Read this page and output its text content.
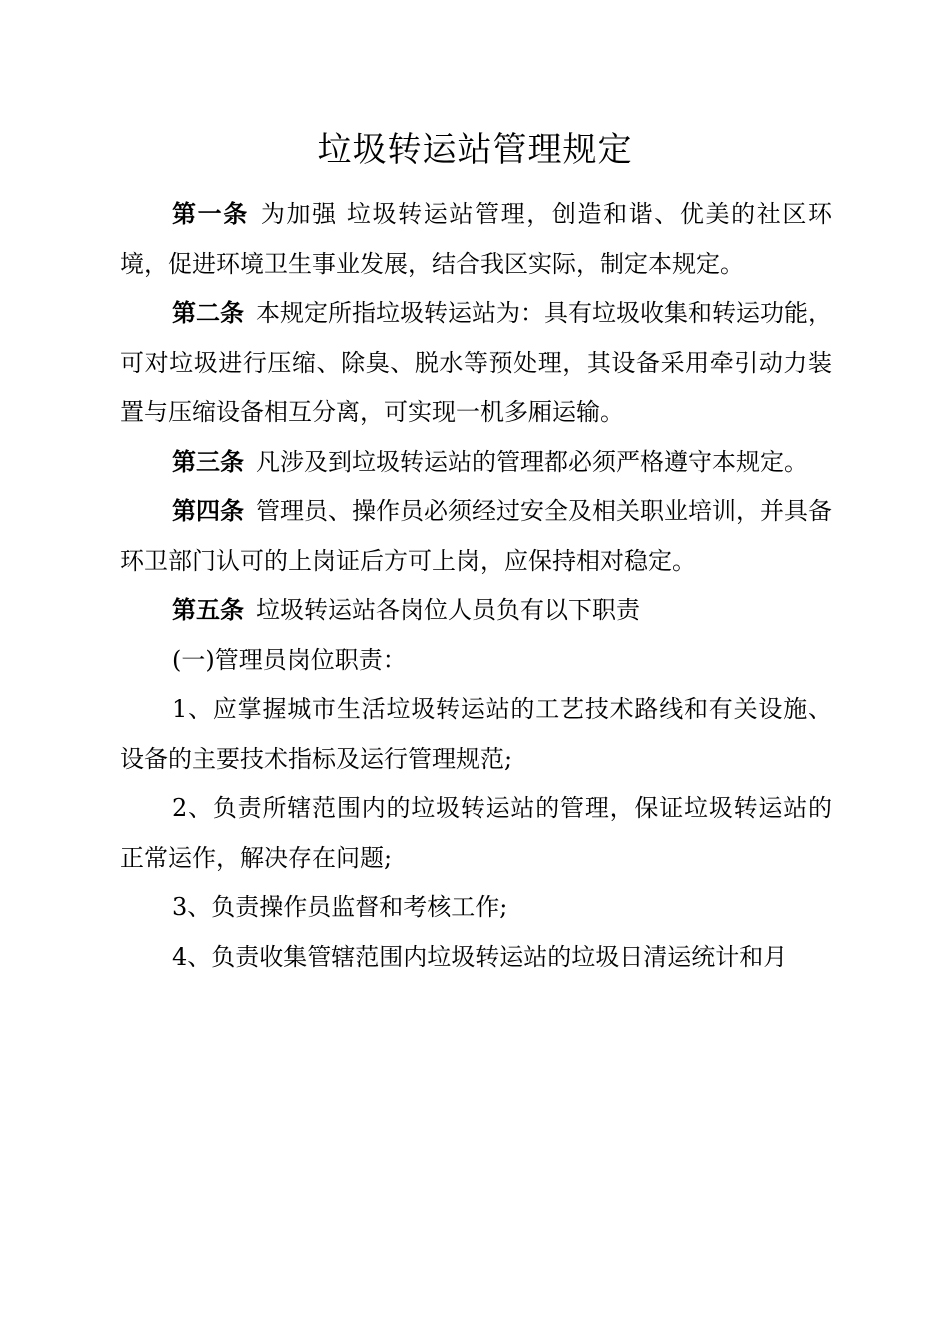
垃圾转运站管理规定

第一条 为加强 垃圾转运站管理，创造和谐、优美的社区环境，促进环境卫生事业发展，结合我区实际，制定本规定。

第二条 本规定所指垃圾转运站为：具有垃圾收集和转运功能，可对垃圾进行压缩、除臭、脱水等预处理，其设备采用牵引动力装置与压缩设备相互分离，可实现一机多厢运输。

第三条 凡涉及到垃圾转运站的管理都必须严格遵守本规定。

第四条 管理员、操作员必须经过安全及相关职业培训，并具备环卫部门认可的上岗证后方可上岗，应保持相对稳定。

第五条 垃圾转运站各岗位人员负有以下职责

(一)管理员岗位职责：

1、应掌握城市生活垃圾转运站的工艺技术路线和有关设施、设备的主要技术指标及运行管理规范;

2、负责所辖范围内的垃圾转运站的管理，保证垃圾转运站的正常运作，解决存在问题;

3、负责操作员监督和考核工作;

4、负责收集管辖范围内垃圾转运站的垃圾日清运统计和月
